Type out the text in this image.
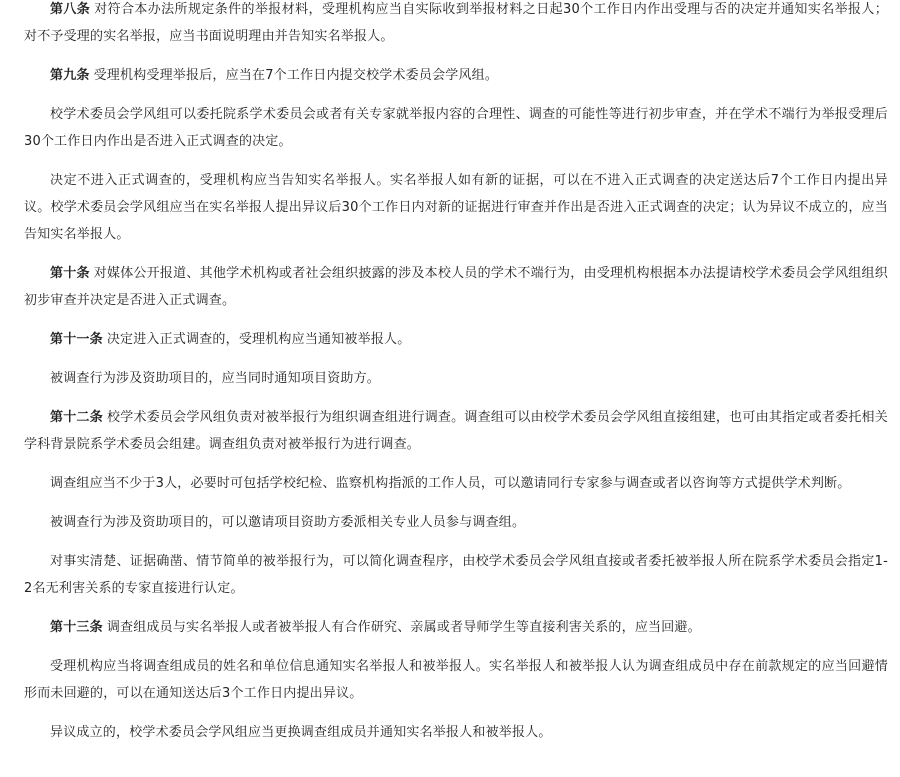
第八条 对符合本办法所规定条件的举报材料，受理机构应当自实际收到举报材料之日起30个工作日内作出受理与否的决定并通知实名举报人；对不予受理的实名举报，应当书面说明理由并告知实名举报人。

第九条 受理机构受理举报后，应当在7个工作日内提交校学术委员会学风组。

校学术委员会学风组可以委托院系学术委员会或者有关专家就举报内容的合理性、调查的可能性等进行初步审查，并在学术不端行为举报受理后30个工作日内作出是否进入正式调查的决定。

决定不进入正式调查的，受理机构应当告知实名举报人。实名举报人如有新的证据，可以在不进入正式调查的决定送达后7个工作日内提出异议。校学术委员会学风组应当在实名举报人提出异议后30个工作日内对新的证据进行审查并作出是否进入正式调查的决定；认为异议不成立的，应当告知实名举报人。

第十条 对媒体公开报道、其他学术机构或者社会组织披露的涉及本校人员的学术不端行为，由受理机构根据本办法提请校学术委员会学风组组织初步审查并决定是否进入正式调查。

第十一条 决定进入正式调查的，受理机构应当通知被举报人。

被调查行为涉及资助项目的，应当同时通知项目资助方。

第十二条 校学术委员会学风组负责对被举报行为组织调查组进行调查。调查组可以由校学术委员会学风组直接组建，也可由其指定或者委托相关学科背景院系学术委员会组建。调查组负责对被举报行为进行调查。

调查组应当不少于3人，必要时可包括学校纪检、监察机构指派的工作人员，可以邀请同行专家参与调查或者以咨询等方式提供学术判断。

被调查行为涉及资助项目的，可以邀请项目资助方委派相关专业人员参与调查组。

对事实清楚、证据确凿、情节简单的被举报行为，可以简化调查程序，由校学术委员会学风组直接或者委托被举报人所在院系学术委员会指定1-2名无利害关系的专家直接进行认定。

第十三条 调查组成员与实名举报人或者被举报人有合作研究、亲属或者导师学生等直接利害关系的，应当回避。

受理机构应当将调查组成员的姓名和单位信息通知实名举报人和被举报人。实名举报人和被举报人认为调查组成员中存在前款规定的应当回避情形而未回避的，可以在通知送达后3个工作日内提出异议。

异议成立的，校学术委员会学风组应当更换调查组成员并通知实名举报人和被举报人。
